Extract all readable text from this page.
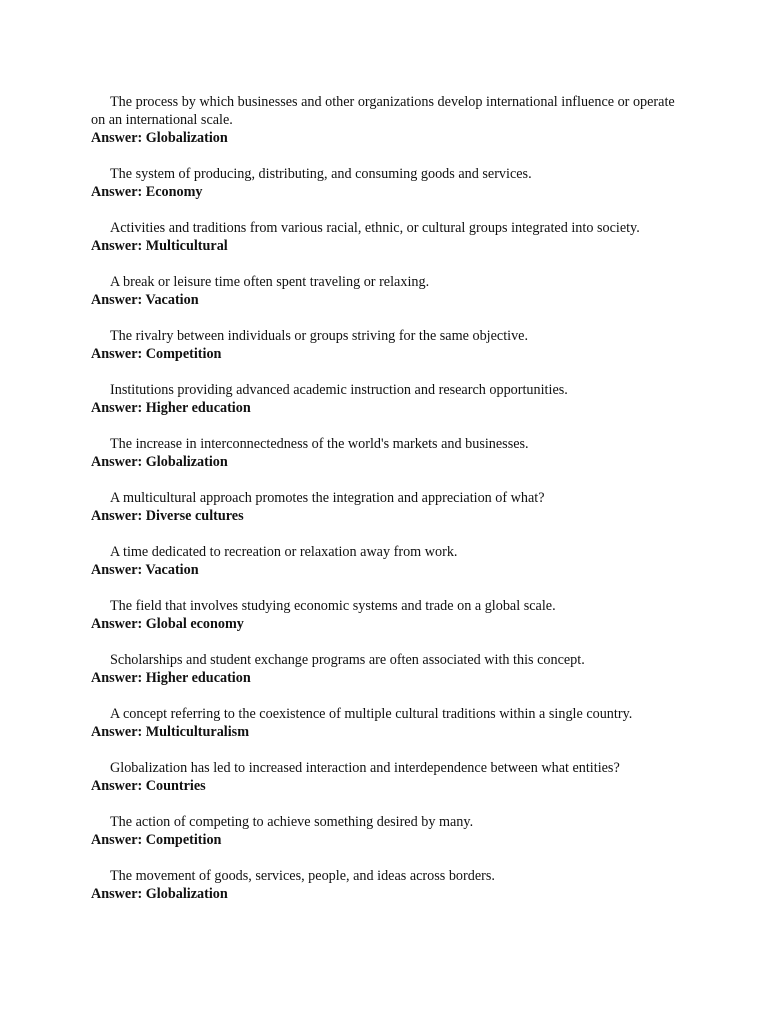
The process by which businesses and other organizations develop international influence or operate on an international scale.

Answer: Globalization

The system of producing, distributing, and consuming goods and services.

Answer: Economy

Activities and traditions from various racial, ethnic, or cultural groups integrated into society.

Answer: Multicultural

A break or leisure time often spent traveling or relaxing.

Answer: Vacation

The rivalry between individuals or groups striving for the same objective.

Answer: Competition

Institutions providing advanced academic instruction and research opportunities.

Answer: Higher education

The increase in interconnectedness of the world's markets and businesses.

Answer: Globalization

A multicultural approach promotes the integration and appreciation of what?

Answer: Diverse cultures

A time dedicated to recreation or relaxation away from work.

Answer: Vacation

The field that involves studying economic systems and trade on a global scale.

Answer: Global economy

Scholarships and student exchange programs are often associated with this concept.

Answer: Higher education

A concept referring to the coexistence of multiple cultural traditions within a single country.

Answer: Multiculturalism

Globalization has led to increased interaction and interdependence between what entities?

Answer: Countries

The action of competing to achieve something desired by many.

Answer: Competition

The movement of goods, services, people, and ideas across borders.

Answer: Globalization
